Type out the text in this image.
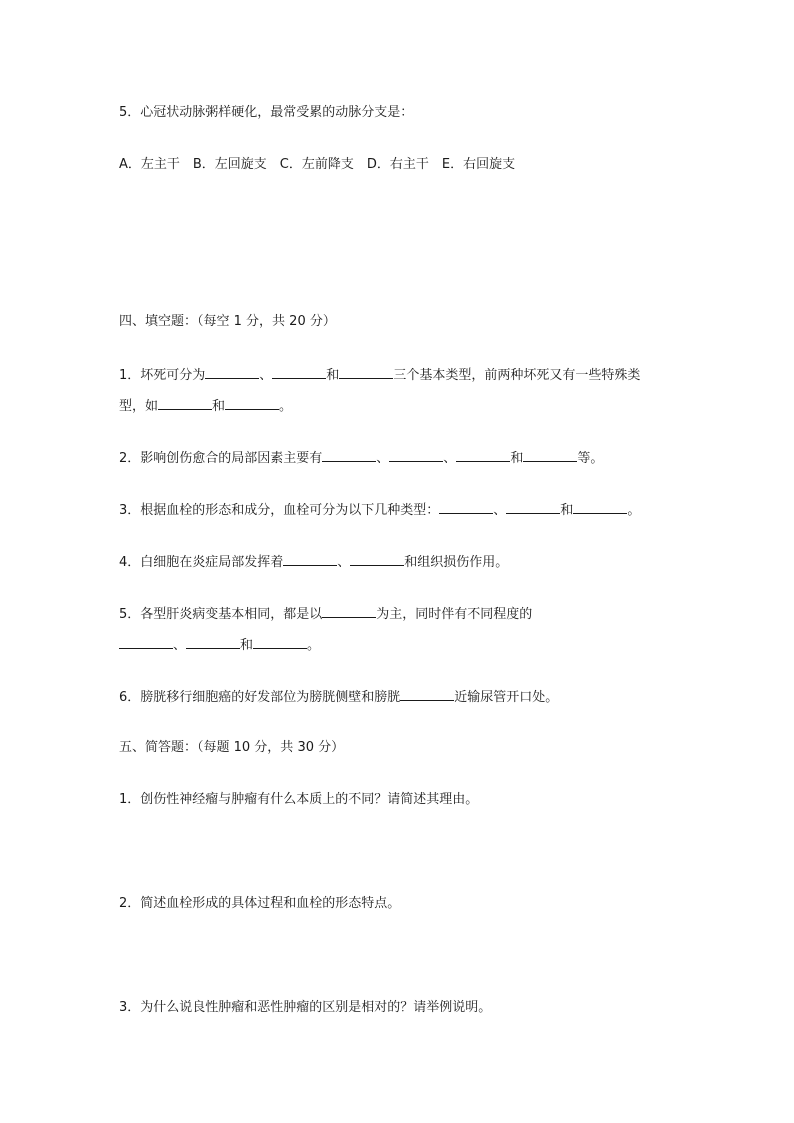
5．心冠状动脉粥样硬化，最常受累的动脉分支是：
A．左主干　B．左回旋支　C．左前降支　D．右主干　E．右回旋支
四、填空题：（每空 1 分，共 20 分）
1．坏死可分为	、	和	三个基本类型，前两种坏死又有一些特殊类
型，如	和	。
2．影响创伤愈合的局部因素主要有	、	、	和	等。
3．根据血栓的形态和成分，血栓可分为以下几种类型：	、	和	。
4．白细胞在炎症局部发挥着	、	和组织损伤作用。
5．各型肝炎病变基本相同，都是以	为主，同时伴有不同程度的
、	和	。
6．膀胱移行细胞癌的好发部位为膀胱侧壁和膀胱	近输尿管开口处。
五、简答题：（每题 10 分，共 30 分）
1．创伤性神经瘤与肿瘤有什么本质上的不同？请简述其理由。
2．简述血栓形成的具体过程和血栓的形态特点。
3．为什么说良性肿瘤和恶性肿瘤的区别是相对的？请举例说明。
